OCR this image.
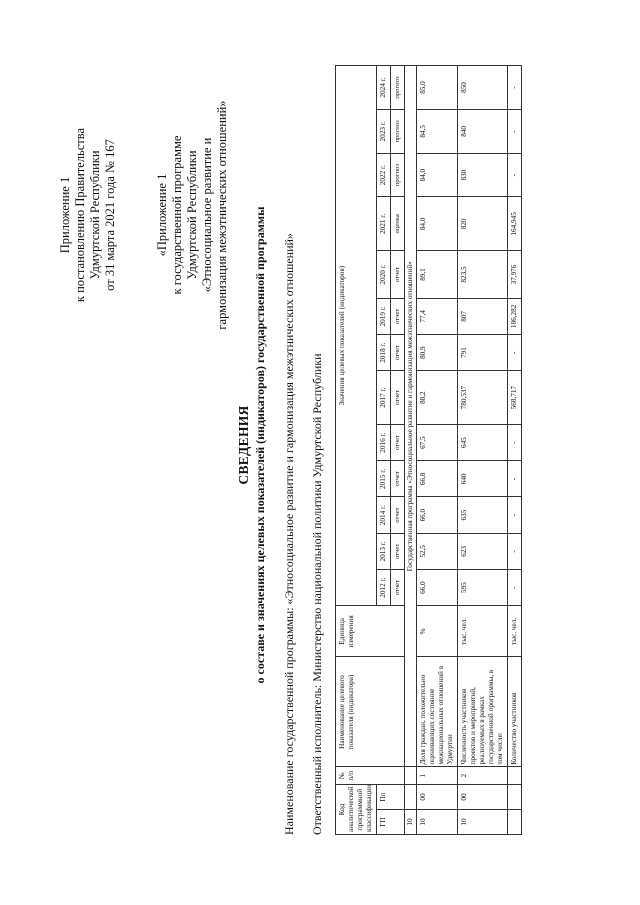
Приложение 1 к постановлению Правительства Удмуртской Республики от 31 марта 2021 года № 167	«Приложение 1 к государственной программе Удмуртской Республики «Этносоциальное развитие и гармонизация межэтнических отношений»
СВЕДЕНИЯ о составе и значениях целевых показателей (индикаторов) государственной программы Наименование государственной программы: «Этносоциальное развитие и гармонизация межэтнических отношений» Ответственный исполнитель: Министерство национальной политики Удмуртской Республики Код аналитической программной классификации		№ п/п	Наименование целевого показателя (индикатора)	Единица измерения	Значения целевых показателей (индикаторов)												
ГП	Пп				2012 г.	2013 г.	2014 г.	2015 г.	2016 г.	2017 г.	2018 г.	2019 г.	2020 г.	2021 г.	2022 г.	2023 г.	2024 г.
					отчет	отчет	отчет	отчет	отчет	отчет	отчет	отчет	отчет	оценка	прогноз	прогноз	прогноз
10			Государственная программа «Этносоциальное развитие и гармонизация межэтнических отношений»														
10	00	1	Доля граждан, положительно оценивающих состояние межнациональных отношений в Удмуртии	%	66,0	52,5	66,0	66,8	67,5	88,2	80,9	77,4	89,1	84,0	84,0	84,5	85,0
10	00	2	Численность участников проектов и мероприятий, реализуемых в рамках государственной программы, в том числе:	тыс. чел.	595	623	635	640	645	780,537	791	807	823,5	820	830	840	850
			Количество участников	тыс. чел.	-	-	-	-	-	568,717	-	186,282	37,976	164,945	-	-	-
